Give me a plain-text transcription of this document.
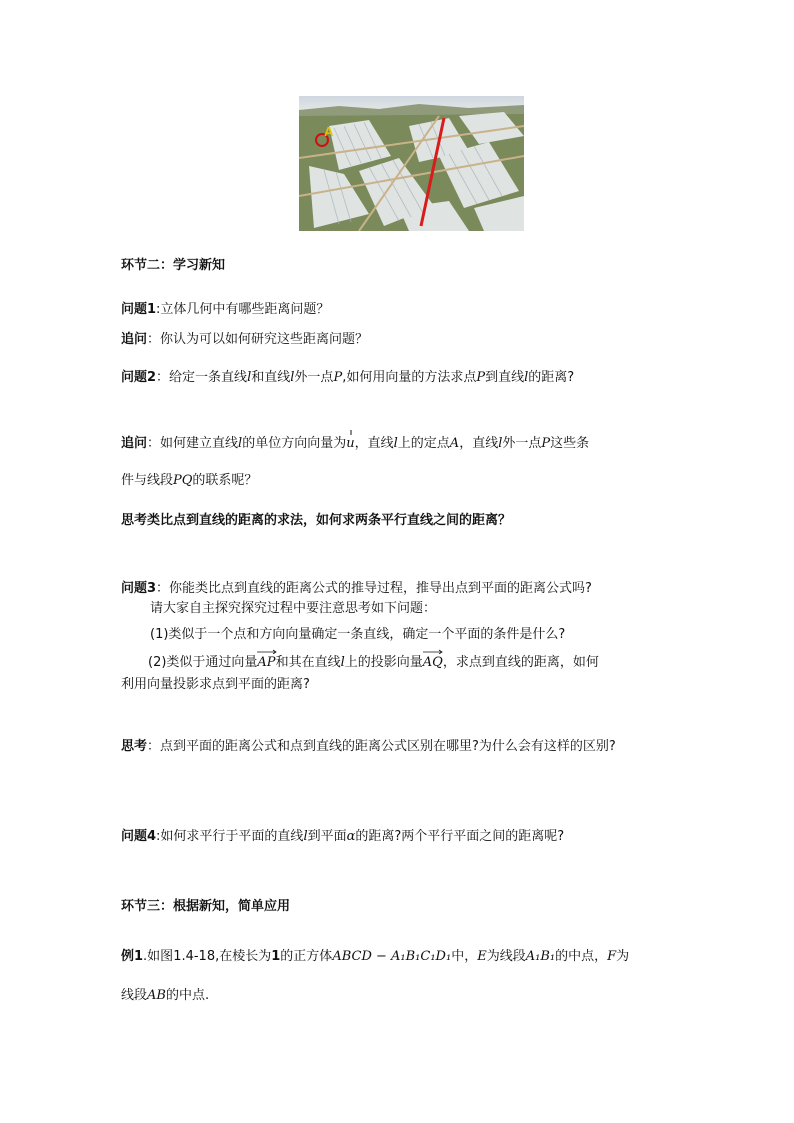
A
环节二：学习新知
问题1:立体几何中有哪些距离问题？
追问：你认为可以如何研究这些距离问题？
问题2：给定一条直线l和直线l外一点P,如何用向量的方法求点P到直线l的距离?
追问：如何建立直线l的单位方向向量为
u，直线l上的定点A，直线l外一点P这些条
件与线段PQ的联系呢？
思考类比点到直线的距离的求法，如何求两条平行直线之间的距离？
问题3：你能类比点到直线的距离公式的推导过程，推导出点到平面的距离公式吗?
请大家自主探究探究过程中要注意思考如下问题：
(1)类似于一个点和方向向量确定一条直线，确定一个平面的条件是什么?
(2)类似于通过向量
AP和其在直线l上的投影向量
AQ，求点到直线的距离，如何
利用向量投影求点到平面的距离?
思考：点到平面的距离公式和点到直线的距离公式区别在哪里?为什么会有这样的区别?
问题4:如何求平行于平面的直线l到平面α的距离?两个平行平面之间的距离呢?
环节三：根据新知，简单应用
例1.如图1.4-18,在棱长为1的正方体ABCD − A₁B₁C₁D₁中，E为线段A₁B₁的中点，F为
线段AB的中点.
